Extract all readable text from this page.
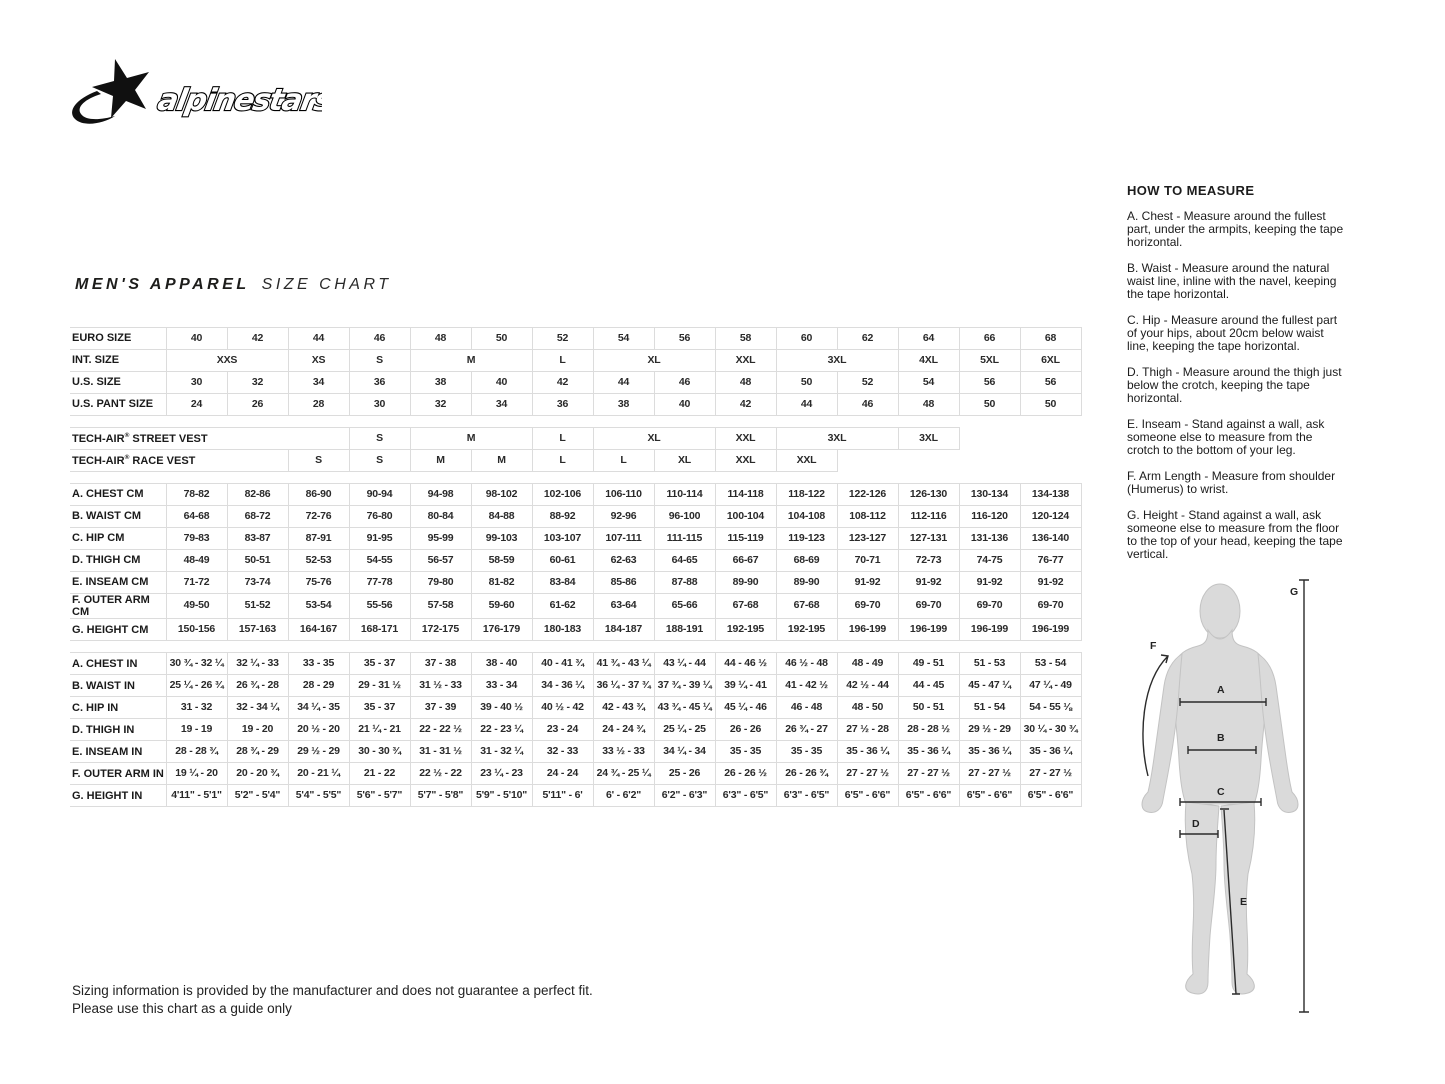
alpinestars
MEN'S APPAREL SIZE CHART
EURO SIZE	40	42	44	46	48	50	52	54	56	58	60	62	64	66	68
INT. SIZE	XXS		XS	S	M		L	XL		XXL	3XL		4XL	5XL	6XL
U.S. SIZE	30	32	34	36	38	40	42	44	46	48	50	52	54	56	56
U.S. PANT SIZE	24	26	28	30	32	34	36	38	40	42	44	46	48	50	50

TECH-AIR® STREET VEST				S	M		L	XL		XXL	3XL		3XL		
TECH-AIR® RACE VEST			S	S	M	M	L	L	XL	XXL	XXL				

A. CHEST CM	78-82	82-86	86-90	90-94	94-98	98-102	102-106	106-110	110-114	114-118	118-122	122-126	126-130	130-134	134-138
B. WAIST CM	64-68	68-72	72-76	76-80	80-84	84-88	88-92	92-96	96-100	100-104	104-108	108-112	112-116	116-120	120-124
C. HIP CM	79-83	83-87	87-91	91-95	95-99	99-103	103-107	107-111	111-115	115-119	119-123	123-127	127-131	131-136	136-140
D. THIGH CM	48-49	50-51	52-53	54-55	56-57	58-59	60-61	62-63	64-65	66-67	68-69	70-71	72-73	74-75	76-77
E. INSEAM CM	71-72	73-74	75-76	77-78	79-80	81-82	83-84	85-86	87-88	89-90	89-90	91-92	91-92	91-92	91-92
F. OUTER ARM CM	49-50	51-52	53-54	55-56	57-58	59-60	61-62	63-64	65-66	67-68	67-68	69-70	69-70	69-70	69-70
G. HEIGHT CM	150-156	157-163	164-167	168-171	172-175	176-179	180-183	184-187	188-191	192-195	192-195	196-199	196-199	196-199	196-199

A. CHEST IN	30 ¾ - 32 ¼	32 ¼ - 33	33 - 35	35 - 37	37 - 38	38 - 40	40 - 41 ¾	41 ¾ - 43 ¼	43 ¼ - 44	44 - 46 ½	46 ½ - 48	48 - 49	49 - 51	51 - 53	53 - 54
B. WAIST IN	25 ¼ - 26 ¾	26 ¾ - 28	28 - 29	29 - 31 ½	31 ½ - 33	33 - 34	34 - 36 ¼	36 ¼ - 37 ¾	37 ¾ - 39 ¼	39 ¼ - 41	41 - 42 ½	42 ½ - 44	44 - 45	45 - 47 ¼	47 ¼ - 49
C. HIP IN	31 - 32	32 - 34 ¼	34 ¼ - 35	35 - 37	37 - 39	39 - 40 ½	40 ½ - 42	42 - 43 ¾	43 ¾ - 45 ¼	45 ¼ - 46	46 - 48	48 - 50	50 - 51	51 - 54	54 - 55 ⅛
D. THIGH IN	19 - 19	19 - 20	20 ½ - 20	21 ¼ - 21	22 - 22 ½	22 - 23 ¼	23 - 24	24 - 24 ¾	25 ¼ - 25	26 - 26	26 ¾ - 27	27 ½ - 28	28 - 28 ½	29 ½ - 29	30 ¼ - 30 ¾
E. INSEAM IN	28 - 28 ¾	28 ¾ - 29	29 ½ - 29	30 - 30 ¾	31 - 31 ½	31 - 32 ¼	32 - 33	33 ½ - 33	34 ¼ - 34	35 - 35	35 - 35	35 - 36 ¼	35 - 36 ¼	35 - 36 ¼	35 - 36 ¼
F. OUTER ARM IN	19 ¼ - 20	20 - 20 ¾	20 - 21 ¼	21 - 22	22 ½ - 22	23 ¼ - 23	24 - 24	24 ¾ - 25 ¼	25 - 26	26 - 26 ½	26 - 26 ¾	27 - 27 ½	27 - 27 ½	27 - 27 ½	27 - 27 ½
G. HEIGHT IN	4'11" - 5'1"	5'2" - 5'4"	5'4" - 5'5"	5'6" - 5'7"	5'7" - 5'8"	5'9" - 5'10"	5'11" - 6'	6' - 6'2"	6'2" - 6'3"	6'3" - 6'5"	6'3" - 6'5"	6'5" - 6'6"	6'5" - 6'6"	6'5" - 6'6"	6'5" - 6'6"
HOW TO MEASURE

A. Chest - Measure around the fullest part, under the armpits, keeping the tape horizontal.

B. Waist - Measure around the natural waist line, inline with the navel, keeping the tape horizontal.

C. Hip - Measure around the fullest part of your hips, about 20cm below waist line, keeping the tape horizontal.

D. Thigh - Measure around the thigh just below the crotch, keeping the tape horizontal.

E. Inseam - Stand against a wall, ask someone else to measure from the crotch to the bottom of your leg.

F. Arm Length - Measure from shoulder (Humerus) to wrist.

G. Height - Stand against a wall, ask someone else to measure from the floor to the top of your head, keeping the tape vertical.

A
B
C
D
E
F
G
Sizing information is provided by the manufacturer and does not guarantee a perfect fit.
Please use this chart as a guide only
